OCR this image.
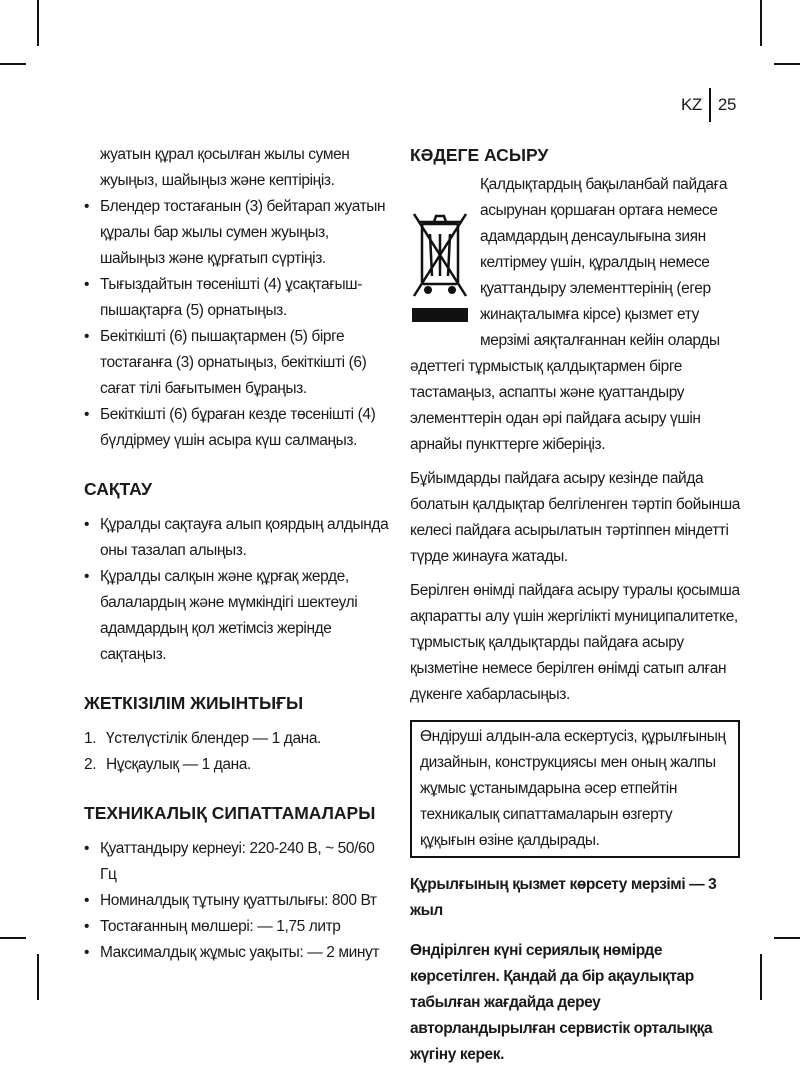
KZ 25

жуатын құрал қосылған жылы сумен жуыңыз, шайыңыз және кептіріңіз.

• Блендер тостағанын (3) бейтарап жуатын құралы бар жылы сумен жуыңыз, шайыңыз және құрғатып сүртіңіз.
• Тығыздайтын төсенішті (4) ұсақтағыш-пышақтарға (5) орнатыңыз.
• Бекіткішті (6) пышақтармен (5) бірге тостағанға (3) орнатыңыз, бекіткішті (6) сағат тілі бағытымен бұраңыз.
• Бекіткішті (6) бұраған кезде төсенішті (4) бүлдірмеу үшін асыра күш салмаңыз.
САҚТАУ
• Құралды сақтауға алып қоярдың алдында оны тазалап алыңыз.
• Құралды салқын және құрғақ жерде, балалардың және мүмкіндігі шектеулі адамдардың қол жетімсіз жерінде сақтаңыз.
ЖЕТКІЗІЛІМ ЖИЫНТЫҒЫ
1. Үстелүстілік блендер — 1 дана.
2. Нұсқаулық — 1 дана.
ТЕХНИКАЛЫҚ СИПАТТАМАЛАРЫ
• Қуаттандыру кернеуі: 220-240 В, ~ 50/60 Гц
• Номиналдық тұтыну қуаттылығы: 800 Вт
• Тостағанның мөлшері: — 1,75 литр
• Максималдық жұмыс уақыты: — 2 минут
КӘДЕГЕ АСЫРУ

Қалдықтардың бақыланбай пайдаға асырунан қоршаған ортаға немесе адамдардың денсаулығына зиян келтірмеу үшін, құралдың немесе қуаттандыру элементтерінің (егер жинақталымға кірсе) қызмет ету мерзімі аяқталғаннан кейін оларды әдеттегі тұрмыстық қалдықтармен бірге тастамаңыз, аспапты және қуаттандыру элементтерін одан әрі пайдаға асыру үшін арнайы пункттерге жіберіңіз.

Бұйымдарды пайдаға асыру кезінде пайда болатын қалдықтар белгіленген тәртіп бойынша келесі пайдаға асырылатын тәртіппен міндетті түрде жинауға жатады.

Берілген өнімді пайдаға асыру туралы қосымша ақпаратты алу үшін жергілікті муниципалитетке, тұрмыстық қалдықтарды пайдаға асыру қызметіне немесе берілген өнімді сатып алған дүкенге хабарласыңыз.

Өндіруші алдын-ала ескертусіз, құрылғының дизайнын, конструкциясы мен оның жалпы жұмыс ұстанымдарына әсер етпейтін техникалық сипаттамаларын өзгерту құқығын өзіне қалдырады.

Құрылғының қызмет көрсету мерзімі — 3 жыл

Өндірілген күні сериялық нөмірде көрсетілген. Қандай да бір ақаулықтар табылған жағдайда дереу авторландырылған сервистік орталыққа жүгіну керек.
